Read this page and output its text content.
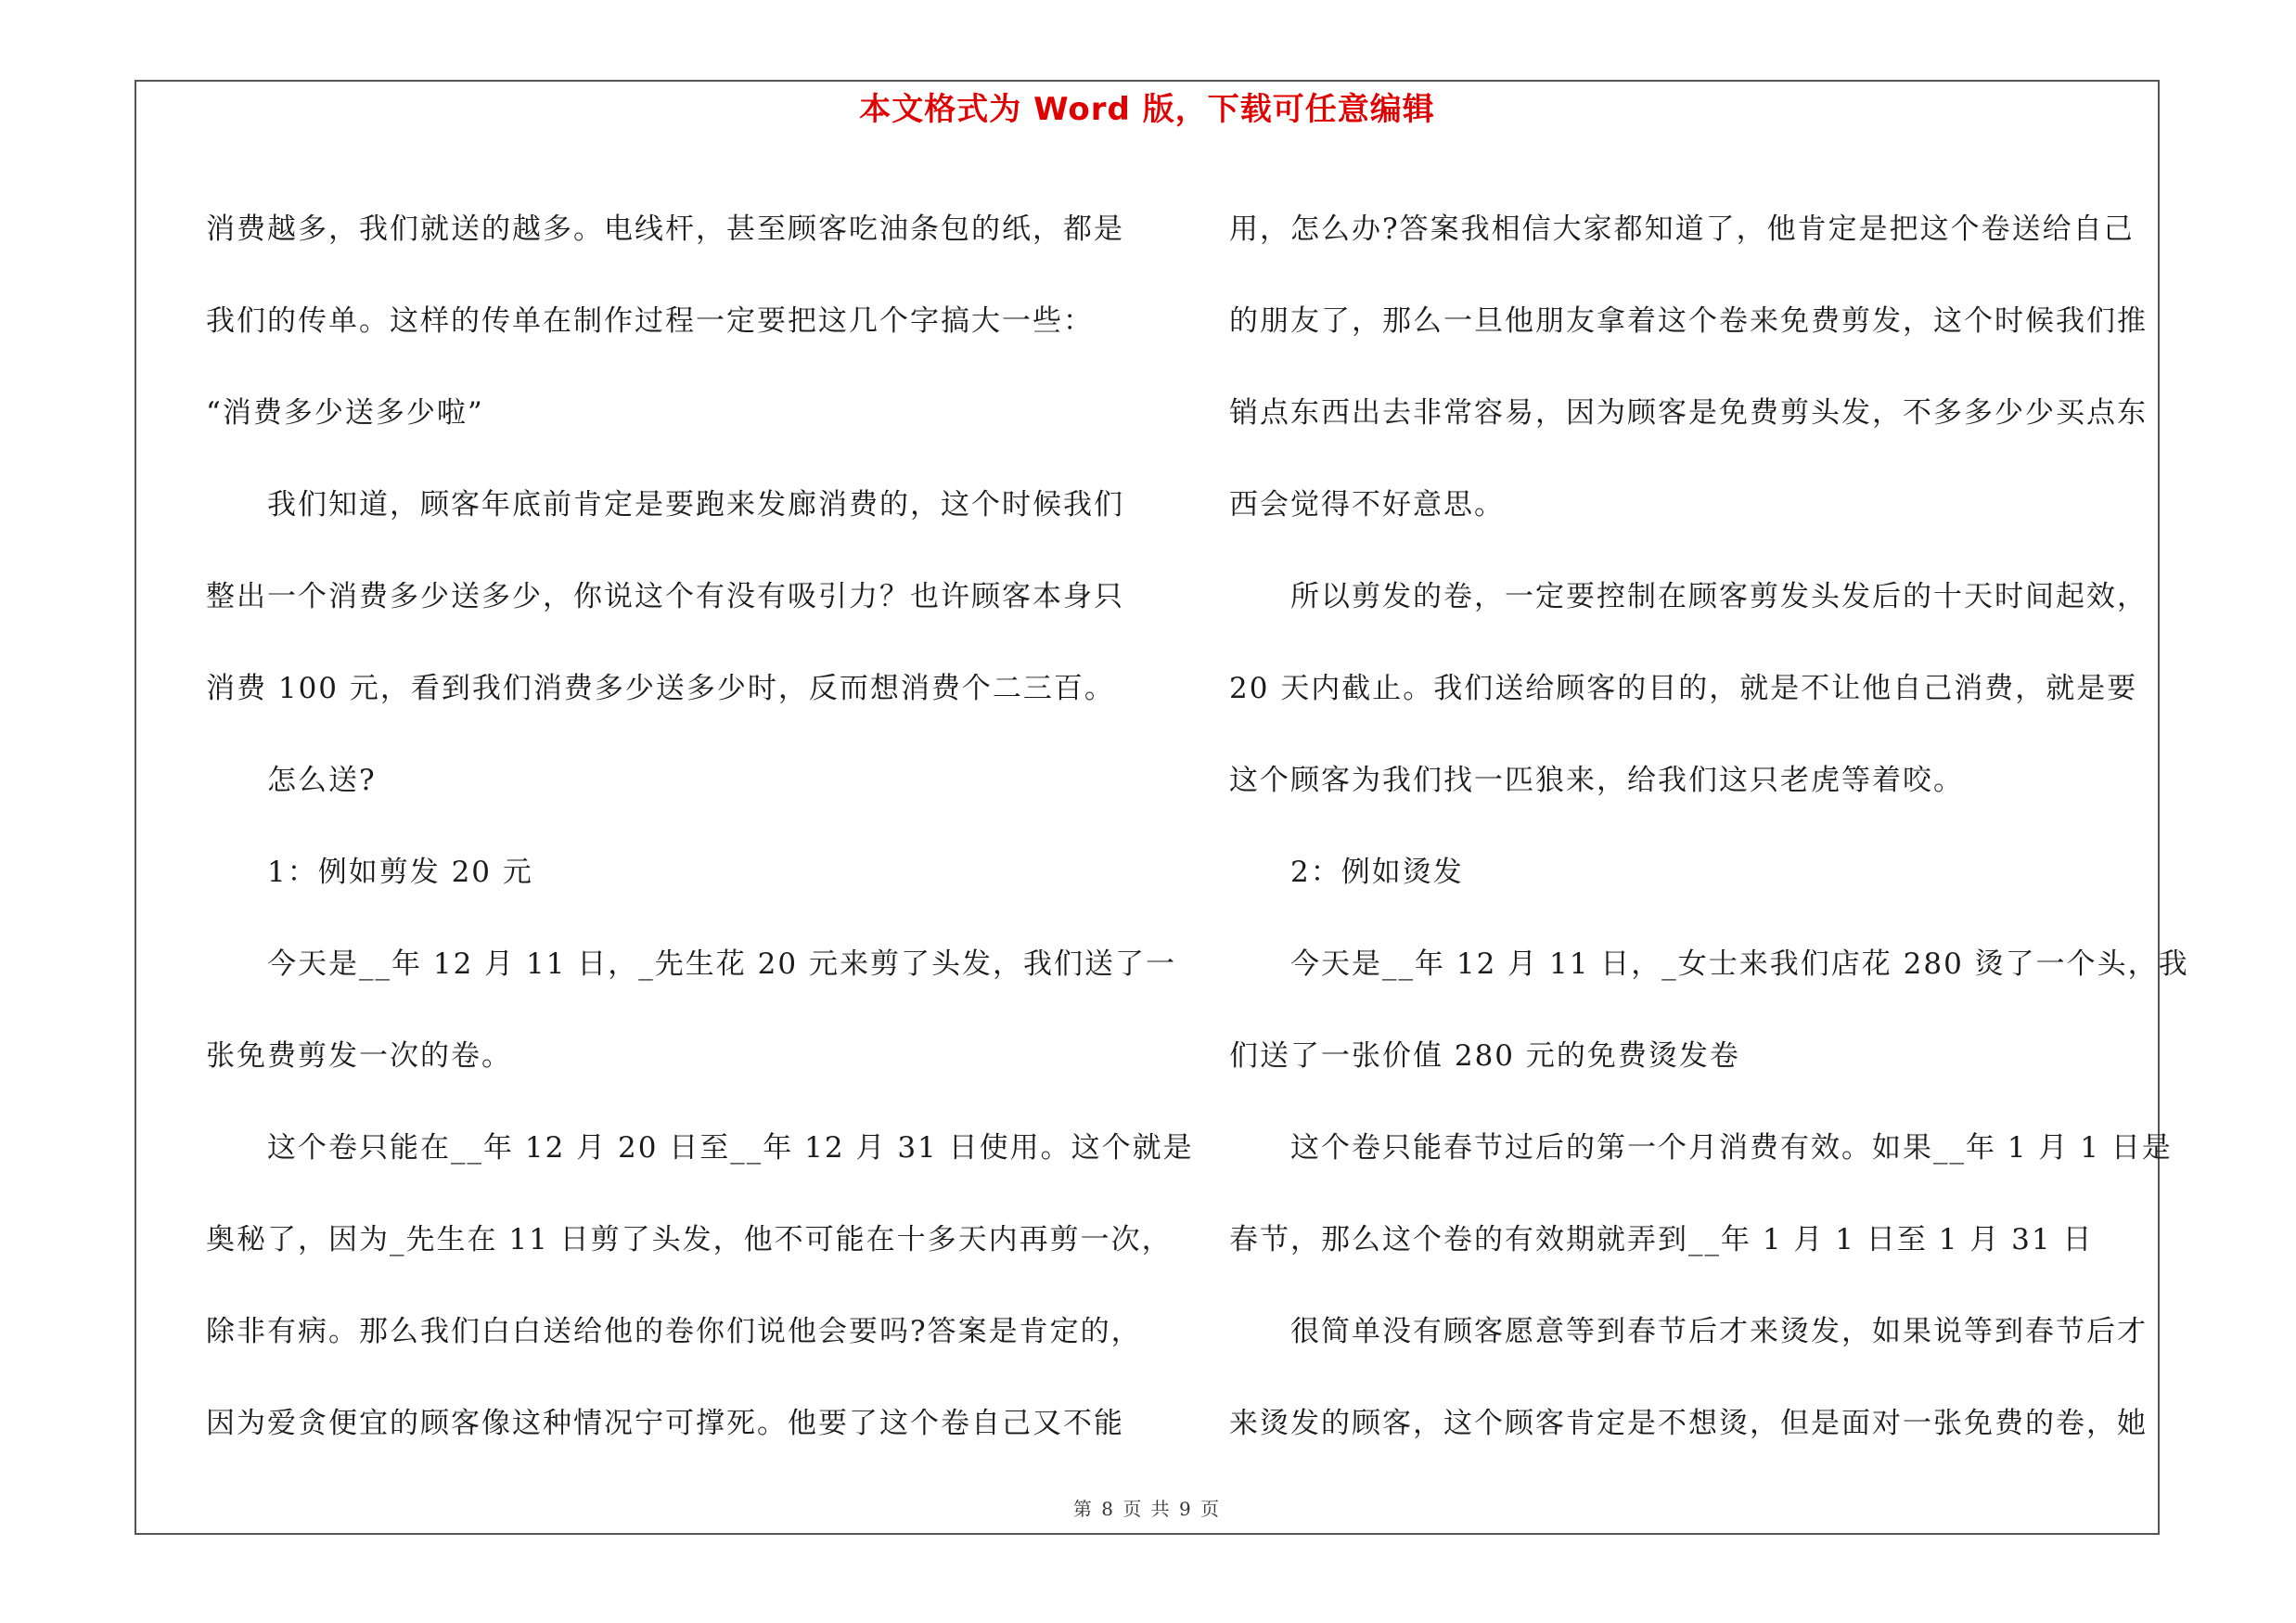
本文格式为 Word 版，下载可任意编辑
消费越多，我们就送的越多。电线杆，甚至顾客吃油条包的纸，都是
我们的传单。这样的传单在制作过程一定要把这几个字搞大一些：
“消费多少送多少啦”
我们知道，顾客年底前肯定是要跑来发廊消费的，这个时候我们
整出一个消费多少送多少，你说这个有没有吸引力？也许顾客本身只
消费 100 元，看到我们消费多少送多少时，反而想消费个二三百。
怎么送?
1：例如剪发 20 元
今天是__年 12 月 11 日，_先生花 20 元来剪了头发，我们送了一
张免费剪发一次的卷。
这个卷只能在__年 12 月 20 日至__年 12 月 31 日使用。这个就是
奥秘了，因为_先生在 11 日剪了头发，他不可能在十多天内再剪一次，
除非有病。那么我们白白送给他的卷你们说他会要吗?答案是肯定的，
因为爱贪便宜的顾客像这种情况宁可撑死。他要了这个卷自己又不能
用，怎么办?答案我相信大家都知道了，他肯定是把这个卷送给自己
的朋友了，那么一旦他朋友拿着这个卷来免费剪发，这个时候我们推
销点东西出去非常容易，因为顾客是免费剪头发，不多多少少买点东
西会觉得不好意思。
所以剪发的卷，一定要控制在顾客剪发头发后的十天时间起效，
20 天内截止。我们送给顾客的目的，就是不让他自己消费，就是要
这个顾客为我们找一匹狼来，给我们这只老虎等着咬。
2：例如烫发
今天是__年 12 月 11 日，_女士来我们店花 280 烫了一个头，我
们送了一张价值 280 元的免费烫发卷
这个卷只能春节过后的第一个月消费有效。如果__年 1 月 1 日是
春节，那么这个卷的有效期就弄到__年 1 月 1 日至 1 月 31 日
很简单没有顾客愿意等到春节后才来烫发，如果说等到春节后才
来烫发的顾客，这个顾客肯定是不想烫，但是面对一张免费的卷，她
第 8 页 共 9 页
